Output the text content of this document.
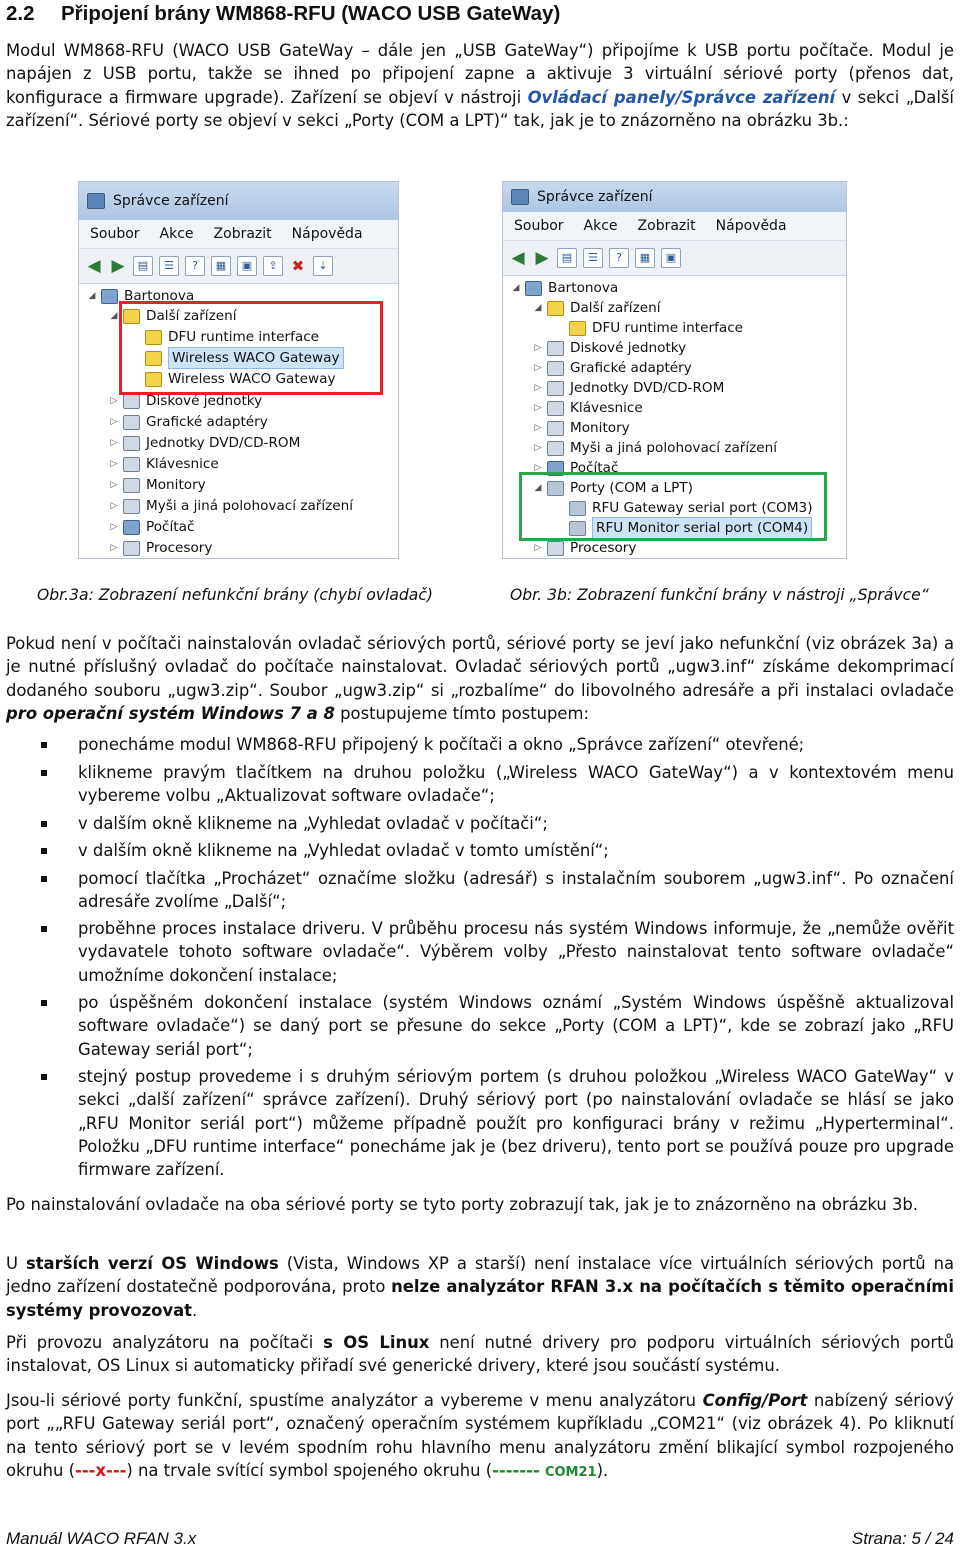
2.2 Připojení brány WM868-RFU (WACO USB GateWay)

Modul WM868-RFU (WACO USB GateWay – dále jen „USB GateWay“) připojíme k USB portu počítače. Modul je napájen z USB portu, takže se ihned po připojení zapne a aktivuje 3 virtuální sériové porty (přenos dat, konfigurace a firmware upgrade). Zařízení se objeví v nástroji Ovládací panely/Správce zařízení v sekci „Další zařízení“. Sériové porty se objeví v sekci „Porty (COM a LPT)“ tak, jak je to znázorněno na obrázku 3b.:

Správce zařízení
Soubor Akce Zobrazit Nápověda
◀ ▶	▤	☰	?	▦	▣	⇪ ✖	⇣
◢ Bartonova
◢ Další zařízení
DFU runtime interface
Wireless WACO Gateway
Wireless WACO Gateway
▷ Diskové jednotky
▷ Grafické adaptéry
▷ Jednotky DVD/CD-ROM
▷ Klávesnice
▷ Monitory
▷ Myši a jiná polohovací zařízení
▷ Počítač
▷ Procesory
Správce zařízení
Soubor Akce Zobrazit Nápověda
◀ ▶	▤	☰	?	▦	▣
◢ Bartonova
◢ Další zařízení
DFU runtime interface
▷ Diskové jednotky
▷ Grafické adaptéry
▷ Jednotky DVD/CD-ROM
▷ Klávesnice
▷ Monitory
▷ Myši a jiná polohovací zařízení
▷ Počítač
◢ Porty (COM a LPT)
RFU Gateway serial port (COM3)
RFU Monitor serial port (COM4)
▷ Procesory
Obr.3a: Zobrazení nefunkční brány (chybí ovladač)	Obr. 3b: Zobrazení funkční brány v nástroji „Správce“

Pokud není v počítači nainstalován ovladač sériových portů, sériové porty se jeví jako nefunkční (viz obrázek 3a) a je nutné příslušný ovladač do počítače nainstalovat. Ovladač sériových portů „ugw3.inf“ získáme dekomprimací dodaného souboru „ugw3.zip“. Soubor „ugw3.zip“ si „rozbalíme“ do libovolného adresáře a při instalaci ovladače pro operační systém Windows 7 a 8 postupujeme tímto postupem:

ponecháme modul WM868-RFU připojený k počítači a okno „Správce zařízení“ otevřené;
klikneme pravým tlačítkem na druhou položku („Wireless WACO GateWay“) a v kontextovém menu vybereme volbu „Aktualizovat software ovladače“;
v dalším okně klikneme na „Vyhledat ovladač v počítači“;
v dalším okně klikneme na „Vyhledat ovladač v tomto umístění“;
pomocí tlačítka „Procházet“ označíme složku (adresář) s instalačním souborem „ugw3.inf“. Po označení adresáře zvolíme „Další“;
proběhne proces instalace driveru. V průběhu procesu nás systém Windows informuje, že „nemůže ověřit vydavatele tohoto software ovladače“. Výběrem volby „Přesto nainstalovat tento software ovladače“ umožníme dokončení instalace;
po úspěšném dokončení instalace (systém Windows oznámí „Systém Windows úspěšně aktualizoval software ovladače“) se daný port se přesune do sekce „Porty (COM a LPT)“, kde se zobrazí jako „RFU Gateway seriál port“;
stejný postup provedeme i s druhým sériovým portem (s druhou položkou „Wireless WACO GateWay“ v sekci „další zařízení“ správce zařízení). Druhý sériový port (po nainstalování ovladače se hlásí se jako „RFU Monitor seriál port“) můžeme případně použít pro konfiguraci brány v režimu „Hyperterminal“. Položku „DFU runtime interface“ ponecháme jak je (bez driveru), tento port se používá pouze pro upgrade firmware zařízení.

Po nainstalování ovladače na oba sériové porty se tyto porty zobrazují tak, jak je to znázorněno na obrázku 3b.

U starších verzí OS Windows (Vista, Windows XP a starší) není instalace více virtuálních sériových portů na jedno zařízení dostatečně podporována, proto nelze analyzátor RFAN 3.x na počítačích s těmito operačními systémy provozovat.

Při provozu analyzátoru na počítači s OS Linux není nutné drivery pro podporu virtuálních sériových portů instalovat, OS Linux si automaticky přiřadí své generické drivery, které jsou součástí systému.

Jsou-li sériové porty funkční, spustíme analyzátor a vybereme v menu analyzátoru Config/Port nabízený sériový port „„RFU Gateway seriál port“, označený operačním systémem kupříkladu „COM21“ (viz obrázek 4). Po kliknutí na tento sériový port se v levém spodním rohu hlavního menu analyzátoru změní blikající symbol rozpojeného okruhu (---x---) na trvale svítící symbol spojeného okruhu (------- COM21).

Manuál WACO RFAN 3.x	Strana: 5 / 24
